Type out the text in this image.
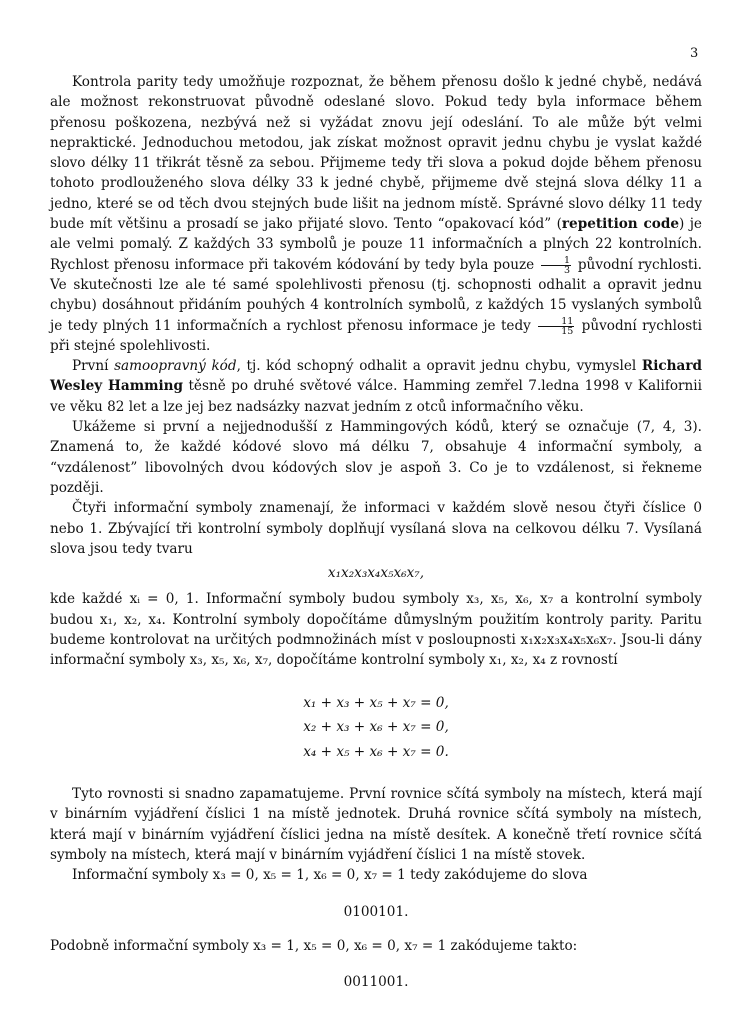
3

Kontrola parity tedy umožňuje rozpoznat, že během přenosu došlo k jedné chybě, nedává ale možnost rekonstruovat původně odeslané slovo. Pokud tedy byla informace během přenosu poškozena, nezbývá než si vyžádat znovu její odeslání. To ale může být velmi nepraktické. Jednoduchou metodou, jak získat možnost opravit jednu chybu je vyslat každé slovo délky 11 třikrát těsně za sebou. Přijmeme tedy tři slova a pokud dojde během přenosu tohoto prodlouženého slova délky 33 k jedné chybě, přijmeme dvě stejná slova délky 11 a jedno, které se od těch dvou stejných bude lišit na jednom místě. Správné slovo délky 11 tedy bude mít většinu a prosadí se jako přijaté slovo. Tento “opakovací kód” (repetition code) je ale velmi pomalý. Z každých 33 symbolů je pouze 11 informačních a plných 22 kontrolních. Rychlost přenosu informace při takovém kódování by tedy byla pouze $\frac{1}{3}$ původní rychlosti. Ve skutečnosti lze ale té samé spolehlivosti přenosu (tj. schopnosti odhalit a opravit jednu chybu) dosáhnout přidáním pouhých 4 kontrolních symbolů, z každých 15 vyslaných symbolů je tedy plných 11 informačních a rychlost přenosu informace je tedy $\frac{11}{15}$ původní rychlosti při stejné spolehlivosti.

První samoopravný kód, tj. kód schopný odhalit a opravit jednu chybu, vymyslel Richard Wesley Hamming těsně po druhé světové válce. Hamming zemřel 7.ledna 1998 v Kalifornii ve věku 82 let a lze jej bez nadsázky nazvat jedním z otců informačního věku.

Ukážeme si první a nejjednodušší z Hammingových kódů, který se označuje (7, 4, 3). Znamená to, že každé kódové slovo má délku 7, obsahuje 4 informační symboly, a “vzdálenost” libovolných dvou kódových slov je aspoň 3. Co je to vzdálenost, si řekneme později.

Čtyři informační symboly znamenají, že informaci v každém slově nesou čtyři číslice 0 nebo 1. Zbývající tři kontrolní symboly doplňují vysílaná slova na celkovou délku 7. Vysílaná slova jsou tedy tvaru

x₁x₂x₃x₄x₅x₆x₇,

kde každé xᵢ = 0, 1. Informační symboly budou symboly x₃, x₅, x₆, x₇ a kontrolní symboly budou x₁, x₂, x₄. Kontrolní symboly dopočítáme důmyslným použitím kontroly parity. Paritu budeme kontrolovat na určitých podmnožinách míst v posloupnosti x₁x₂x₃x₄x₅x₆x₇. Jsou-li dány informační symboly x₃, x₅, x₆, x₇, dopočítáme kontrolní symboly x₁, x₂, x₄ z rovností

x₁ + x₃ + x₅ + x₇ = 0,
x₂ + x₃ + x₆ + x₇ = 0,
x₄ + x₅ + x₆ + x₇ = 0.

Tyto rovnosti si snadno zapamatujeme. První rovnice sčítá symboly na místech, která mají v binárním vyjádření číslici 1 na místě jednotek. Druhá rovnice sčítá symboly na místech, která mají v binárním vyjádření číslici jedna na místě desítek. A konečně třetí rovnice sčítá symboly na místech, která mají v binárním vyjádření číslici 1 na místě stovek.

Informační symboly x₃ = 0, x₅ = 1, x₆ = 0, x₇ = 1 tedy zakódujeme do slova

0100101.

Podobně informační symboly x₃ = 1, x₅ = 0, x₆ = 0, x₇ = 1 zakódujeme takto:

0011001.
